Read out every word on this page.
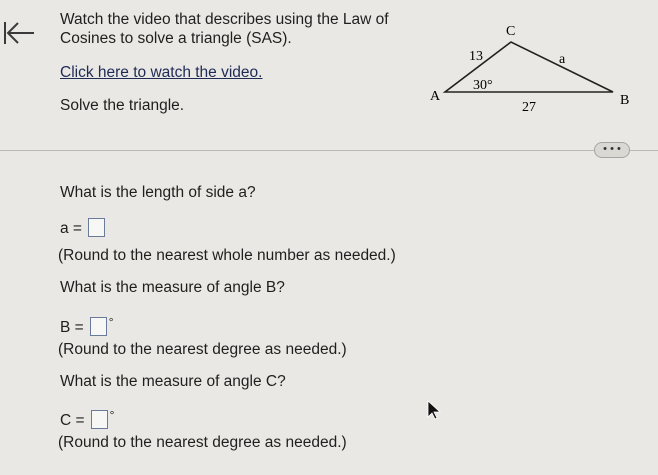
Watch the video that describes using the Law of
Cosines to solve a triangle (SAS).
Click here to watch the video.
Solve the triangle.
C
A	B
13	a
27
30°
• • •
What is the length of side a?
a =
(Round to the nearest whole number as needed.)
What is the measure of angle B?
B = °
(Round to the nearest degree as needed.)
What is the measure of angle C?
C = °
(Round to the nearest degree as needed.)
